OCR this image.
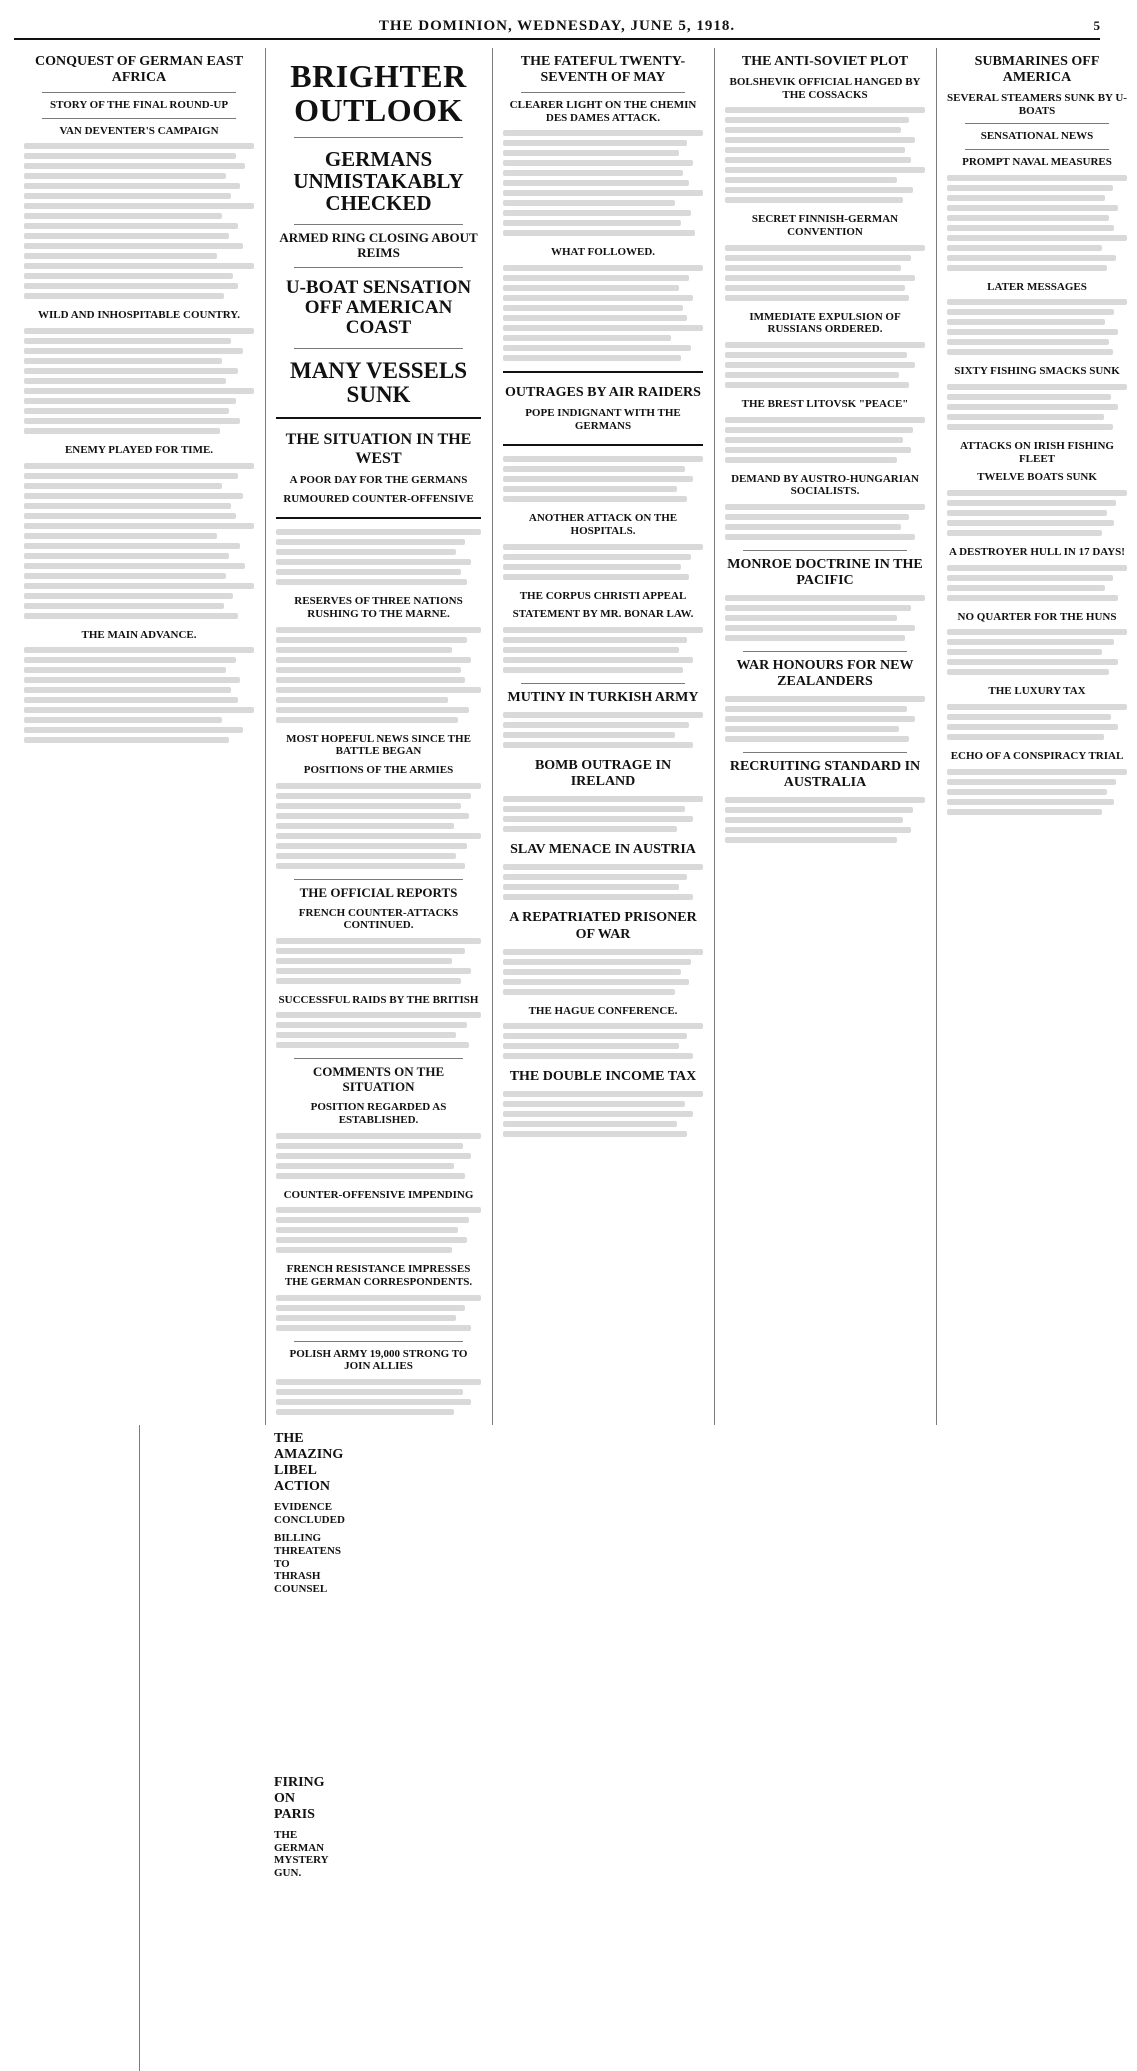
THE DOMINION, WEDNESDAY, JUNE 5, 1918.	5
CONQUEST OF GERMAN EAST AFRICA
STORY OF THE FINAL ROUND-UP
VAN DEVENTER'S CAMPAIGN
WILD AND INHOSPITABLE COUNTRY.
ENEMY PLAYED FOR TIME.
THE MAIN ADVANCE.
BRIGHTER OUTLOOK
GERMANS UNMISTAKABLY CHECKED
ARMED RING CLOSING ABOUT REIMS
U-BOAT SENSATION OFF AMERICAN COAST
MANY VESSELS SUNK
THE SITUATION IN THE WEST
A POOR DAY FOR THE GERMANS
RUMOURED COUNTER-OFFENSIVE
RESERVES OF THREE NATIONS RUSHING TO THE MARNE.
MOST HOPEFUL NEWS SINCE THE BATTLE BEGAN
POSITIONS OF THE ARMIES
THE OFFICIAL REPORTS
FRENCH COUNTER-ATTACKS CONTINUED.
SUCCESSFUL RAIDS BY THE BRITISH
COMMENTS ON THE SITUATION
POSITION REGARDED AS ESTABLISHED.
COUNTER-OFFENSIVE IMPENDING
FRENCH RESISTANCE IMPRESSES THE GERMAN CORRESPONDENTS.
POLISH ARMY 19,000 STRONG TO JOIN ALLIES
THE FATEFUL TWENTY-SEVENTH OF MAY
CLEARER LIGHT ON THE CHEMIN DES DAMES ATTACK.
WHAT FOLLOWED.
OUTRAGES BY AIR RAIDERS
POPE INDIGNANT WITH THE GERMANS
ANOTHER ATTACK ON THE HOSPITALS.
THE CORPUS CHRISTI APPEAL
STATEMENT BY MR. BONAR LAW.
MUTINY IN TURKISH ARMY
BOMB OUTRAGE IN IRELAND
SLAV MENACE IN AUSTRIA
A REPATRIATED PRISONER OF WAR
THE HAGUE CONFERENCE.
THE DOUBLE INCOME TAX
THE ANTI-SOVIET PLOT
BOLSHEVIK OFFICIAL HANGED BY THE COSSACKS
SECRET FINNISH-GERMAN CONVENTION
IMMEDIATE EXPULSION OF RUSSIANS ORDERED.
THE BREST LITOVSK "PEACE"
DEMAND BY AUSTRO-HUNGARIAN SOCIALISTS.
MONROE DOCTRINE IN THE PACIFIC
WAR HONOURS FOR NEW ZEALANDERS
RECRUITING STANDARD IN AUSTRALIA
SUBMARINES OFF AMERICA
SEVERAL STEAMERS SUNK BY U-BOATS
SENSATIONAL NEWS
PROMPT NAVAL MEASURES
LATER MESSAGES
SIXTY FISHING SMACKS SUNK
ATTACKS ON IRISH FISHING FLEET
TWELVE BOATS SUNK
A DESTROYER HULL IN 17 DAYS!
NO QUARTER FOR THE HUNS
THE LUXURY TAX
ECHO OF A CONSPIRACY TRIAL
THE AMAZING LIBEL ACTION
EVIDENCE CONCLUDED
BILLING THREATENS TO THRASH COUNSEL
FIRING ON PARIS
THE GERMAN MYSTERY GUN.
